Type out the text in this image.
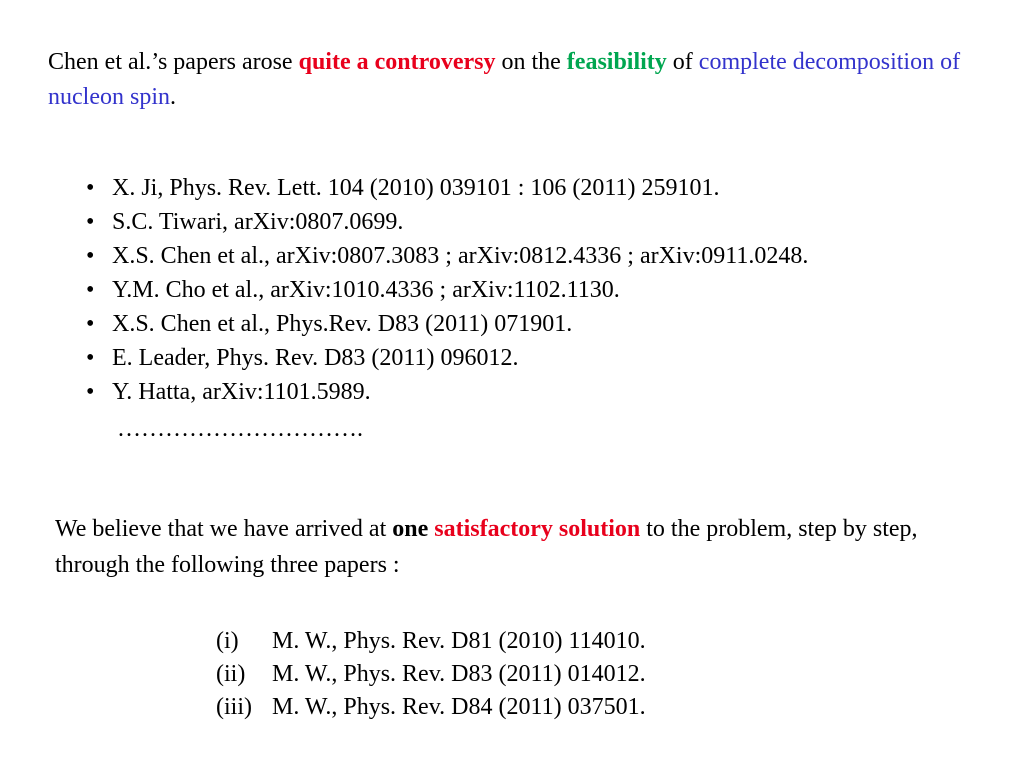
Chen et al.’s papers arose quite a controversy on the feasibility of complete decomposition of nucleon spin.
• X. Ji, Phys. Rev. Lett. 104 (2010) 039101 : 106 (2011) 259101.
• S.C. Tiwari, arXiv:0807.0699.
• X.S. Chen et al., arXiv:0807.3083 ; arXiv:0812.4336 ; arXiv:0911.0248.
• Y.M. Cho et al., arXiv:1010.4336 ; arXiv:1102.1130.
• X.S. Chen et al., Phys.Rev. D83 (2011) 071901.
• E. Leader, Phys. Rev. D83 (2011) 096012.
• Y. Hatta, arXiv:1101.5989.
………………………….
We believe that we have arrived at one satisfactory solution to the problem, step by step, through the following three papers :
(i) M. W., Phys. Rev. D81 (2010) 114010.
(ii) M. W., Phys. Rev. D83 (2011) 014012.
(iii) M. W., Phys. Rev. D84 (2011) 037501.
